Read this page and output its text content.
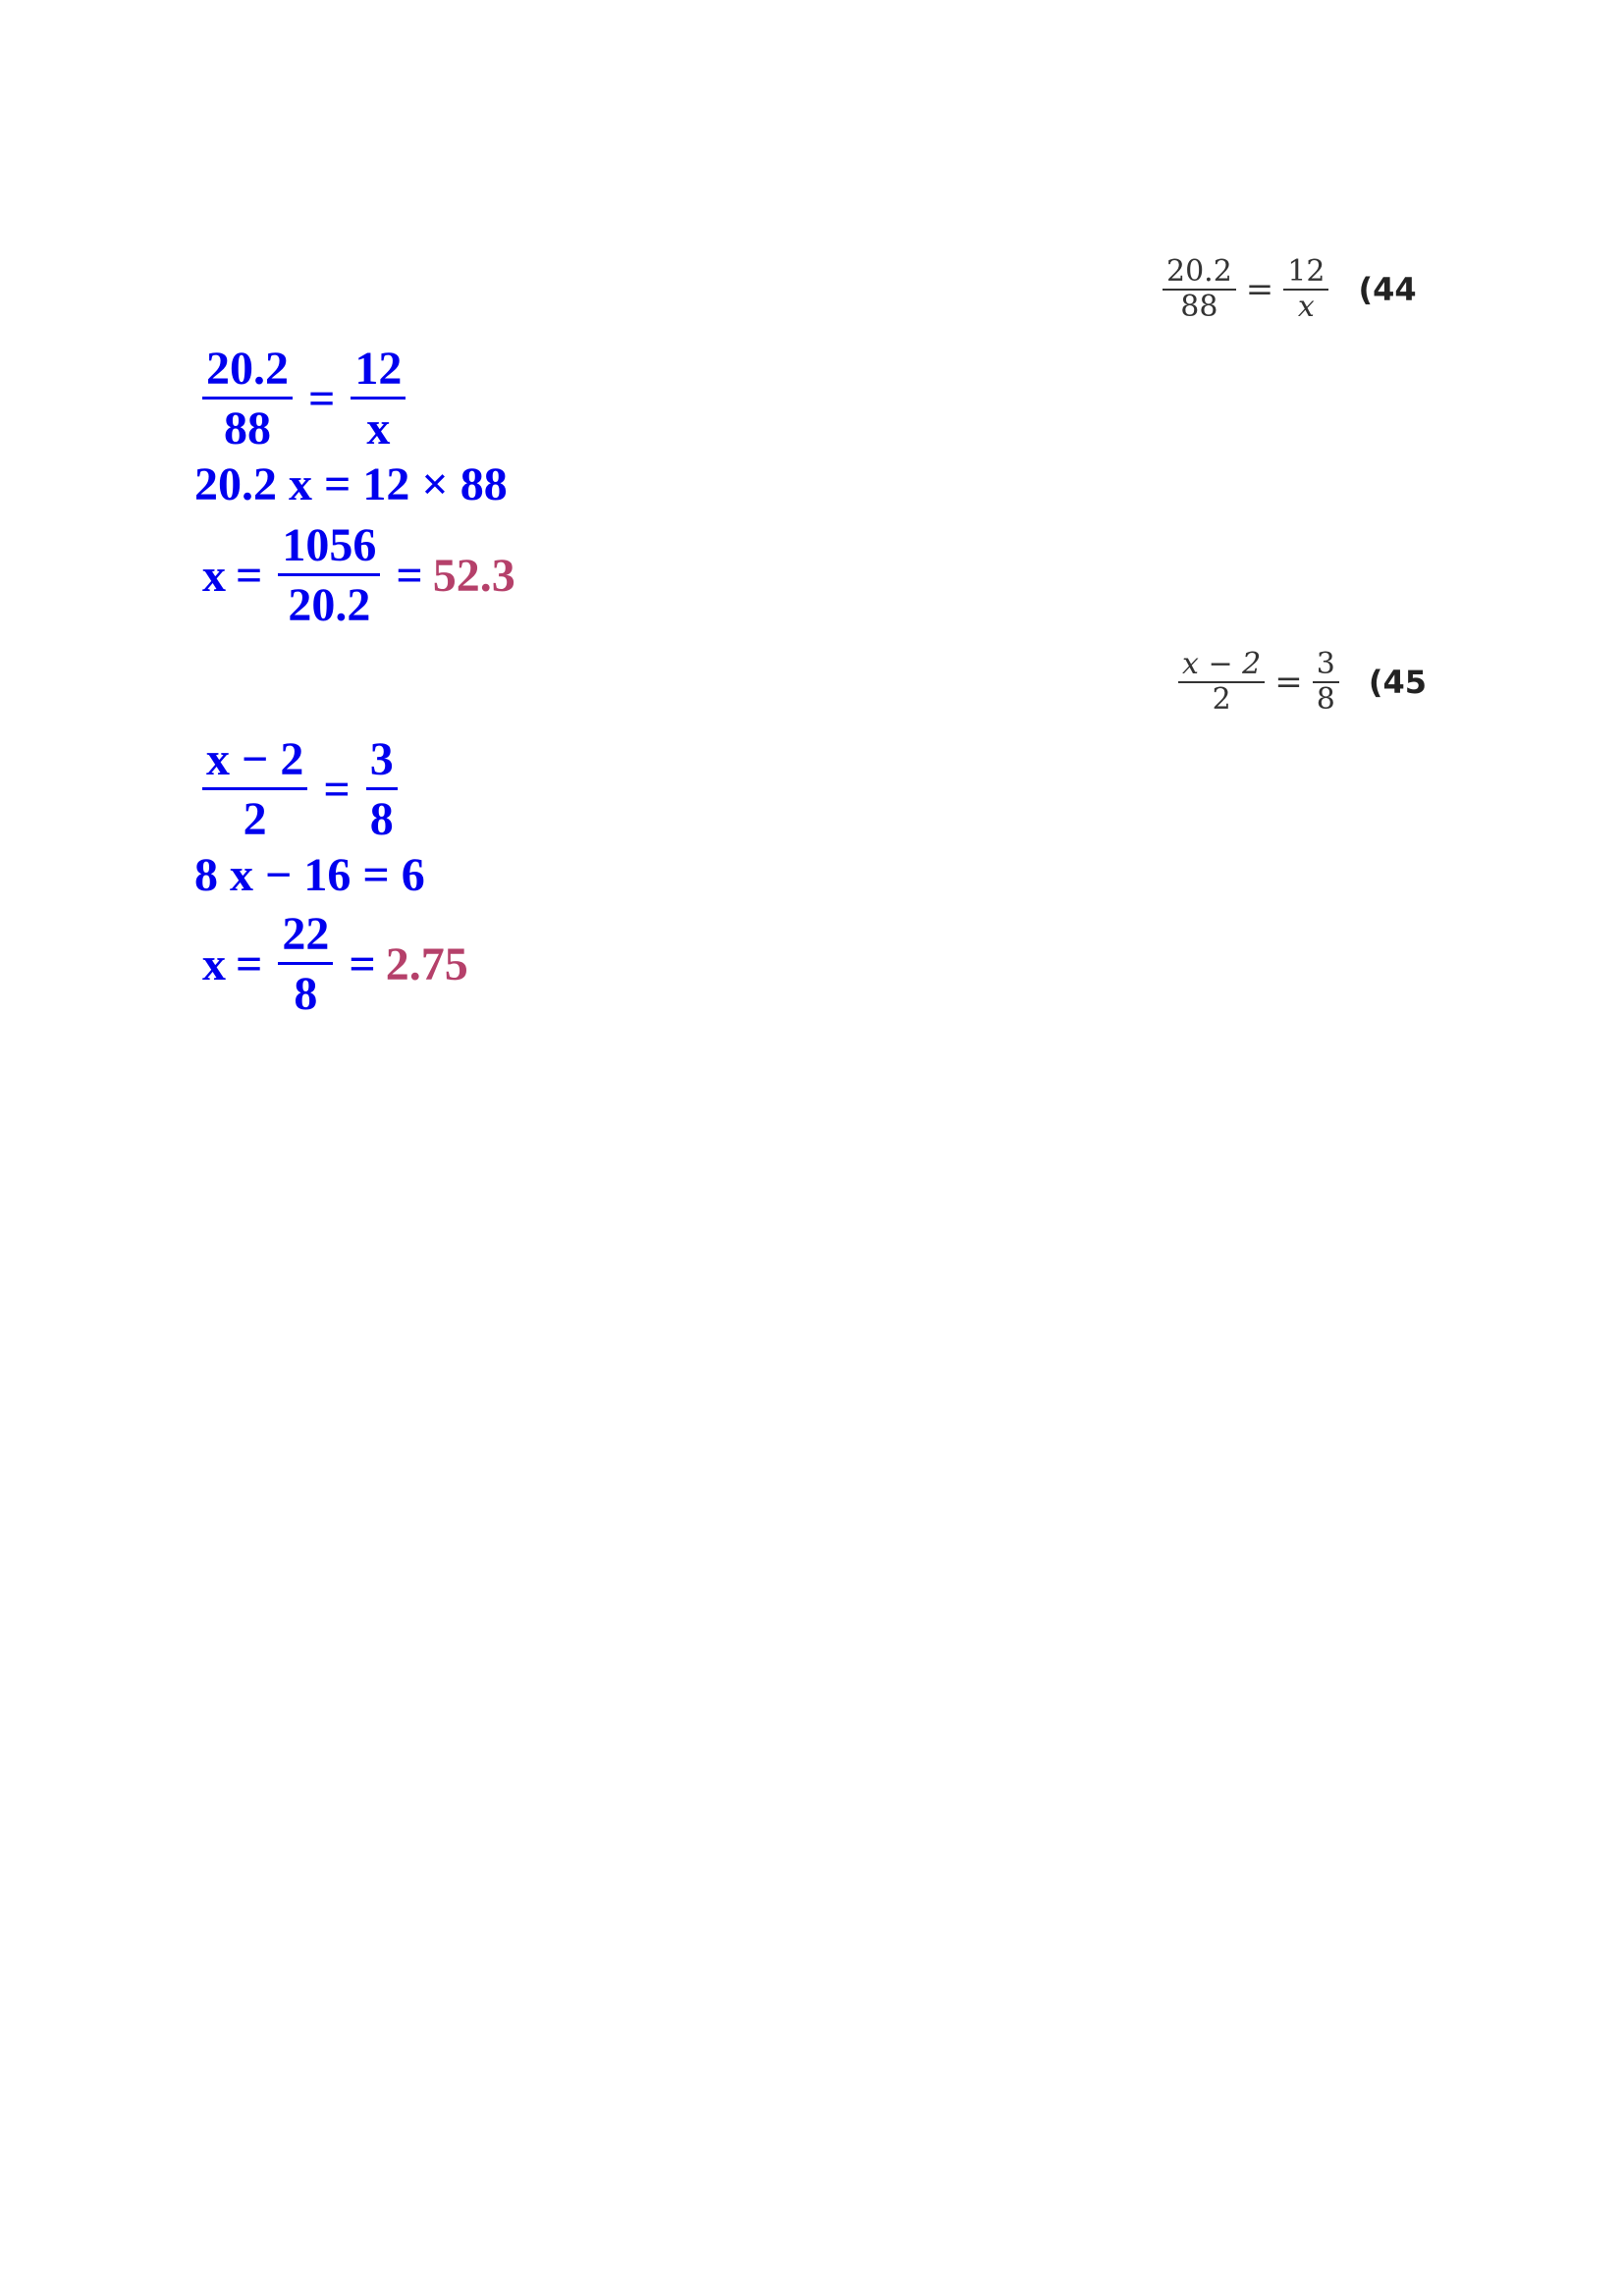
$\frac{20.2}{88} = \frac{12}{x} (44$
$\frac{20.2}{88} = \frac{12}{x}$
20.2 x = 12 × 88
$x = \frac{1056}{20.2} = 52.3$
$\frac{x - 2}{2} = \frac{3}{8} (45$
$\frac{x - 2}{2} = \frac{3}{8}$
8 x − 16 = 6
$x = \frac{22}{8} = 2.75$
